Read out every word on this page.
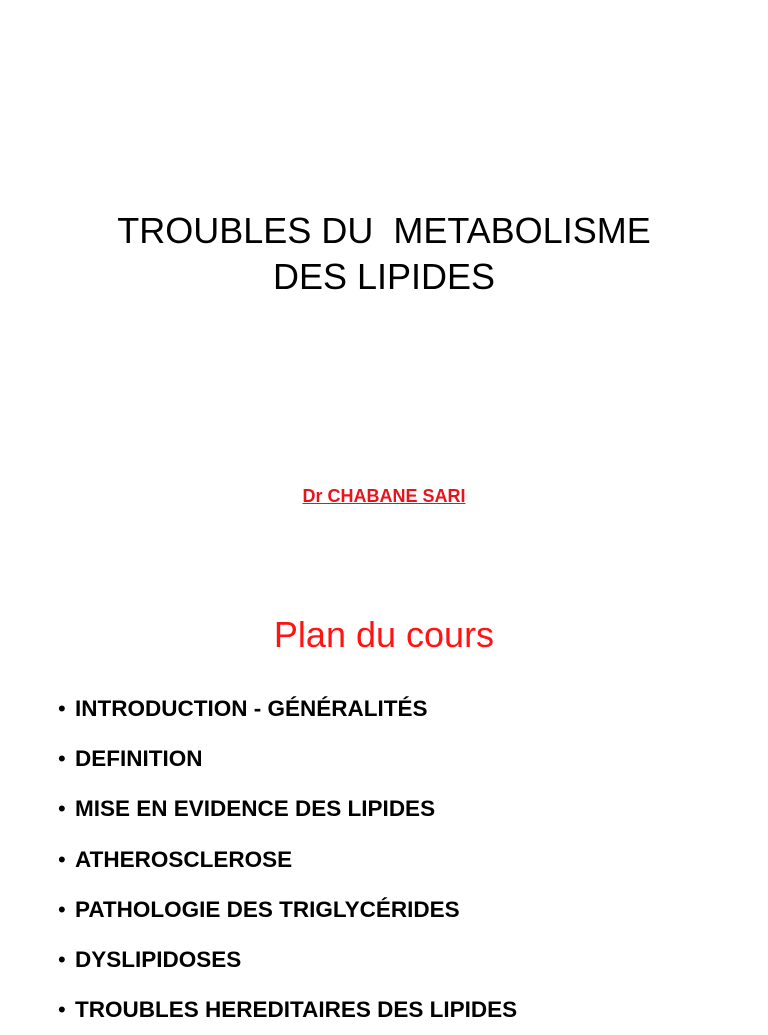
TROUBLES DU  METABOLISME
DES LIPIDES
Dr CHABANE SARI
Plan du cours
• INTRODUCTION - GÉNÉRALITÉS
• DEFINITION
• MISE EN EVIDENCE DES LIPIDES
• ATHEROSCLEROSE
• PATHOLOGIE DES TRIGLYCÉRIDES
• DYSLIPIDOSES
• TROUBLES HEREDITAIRES DES LIPIDES
